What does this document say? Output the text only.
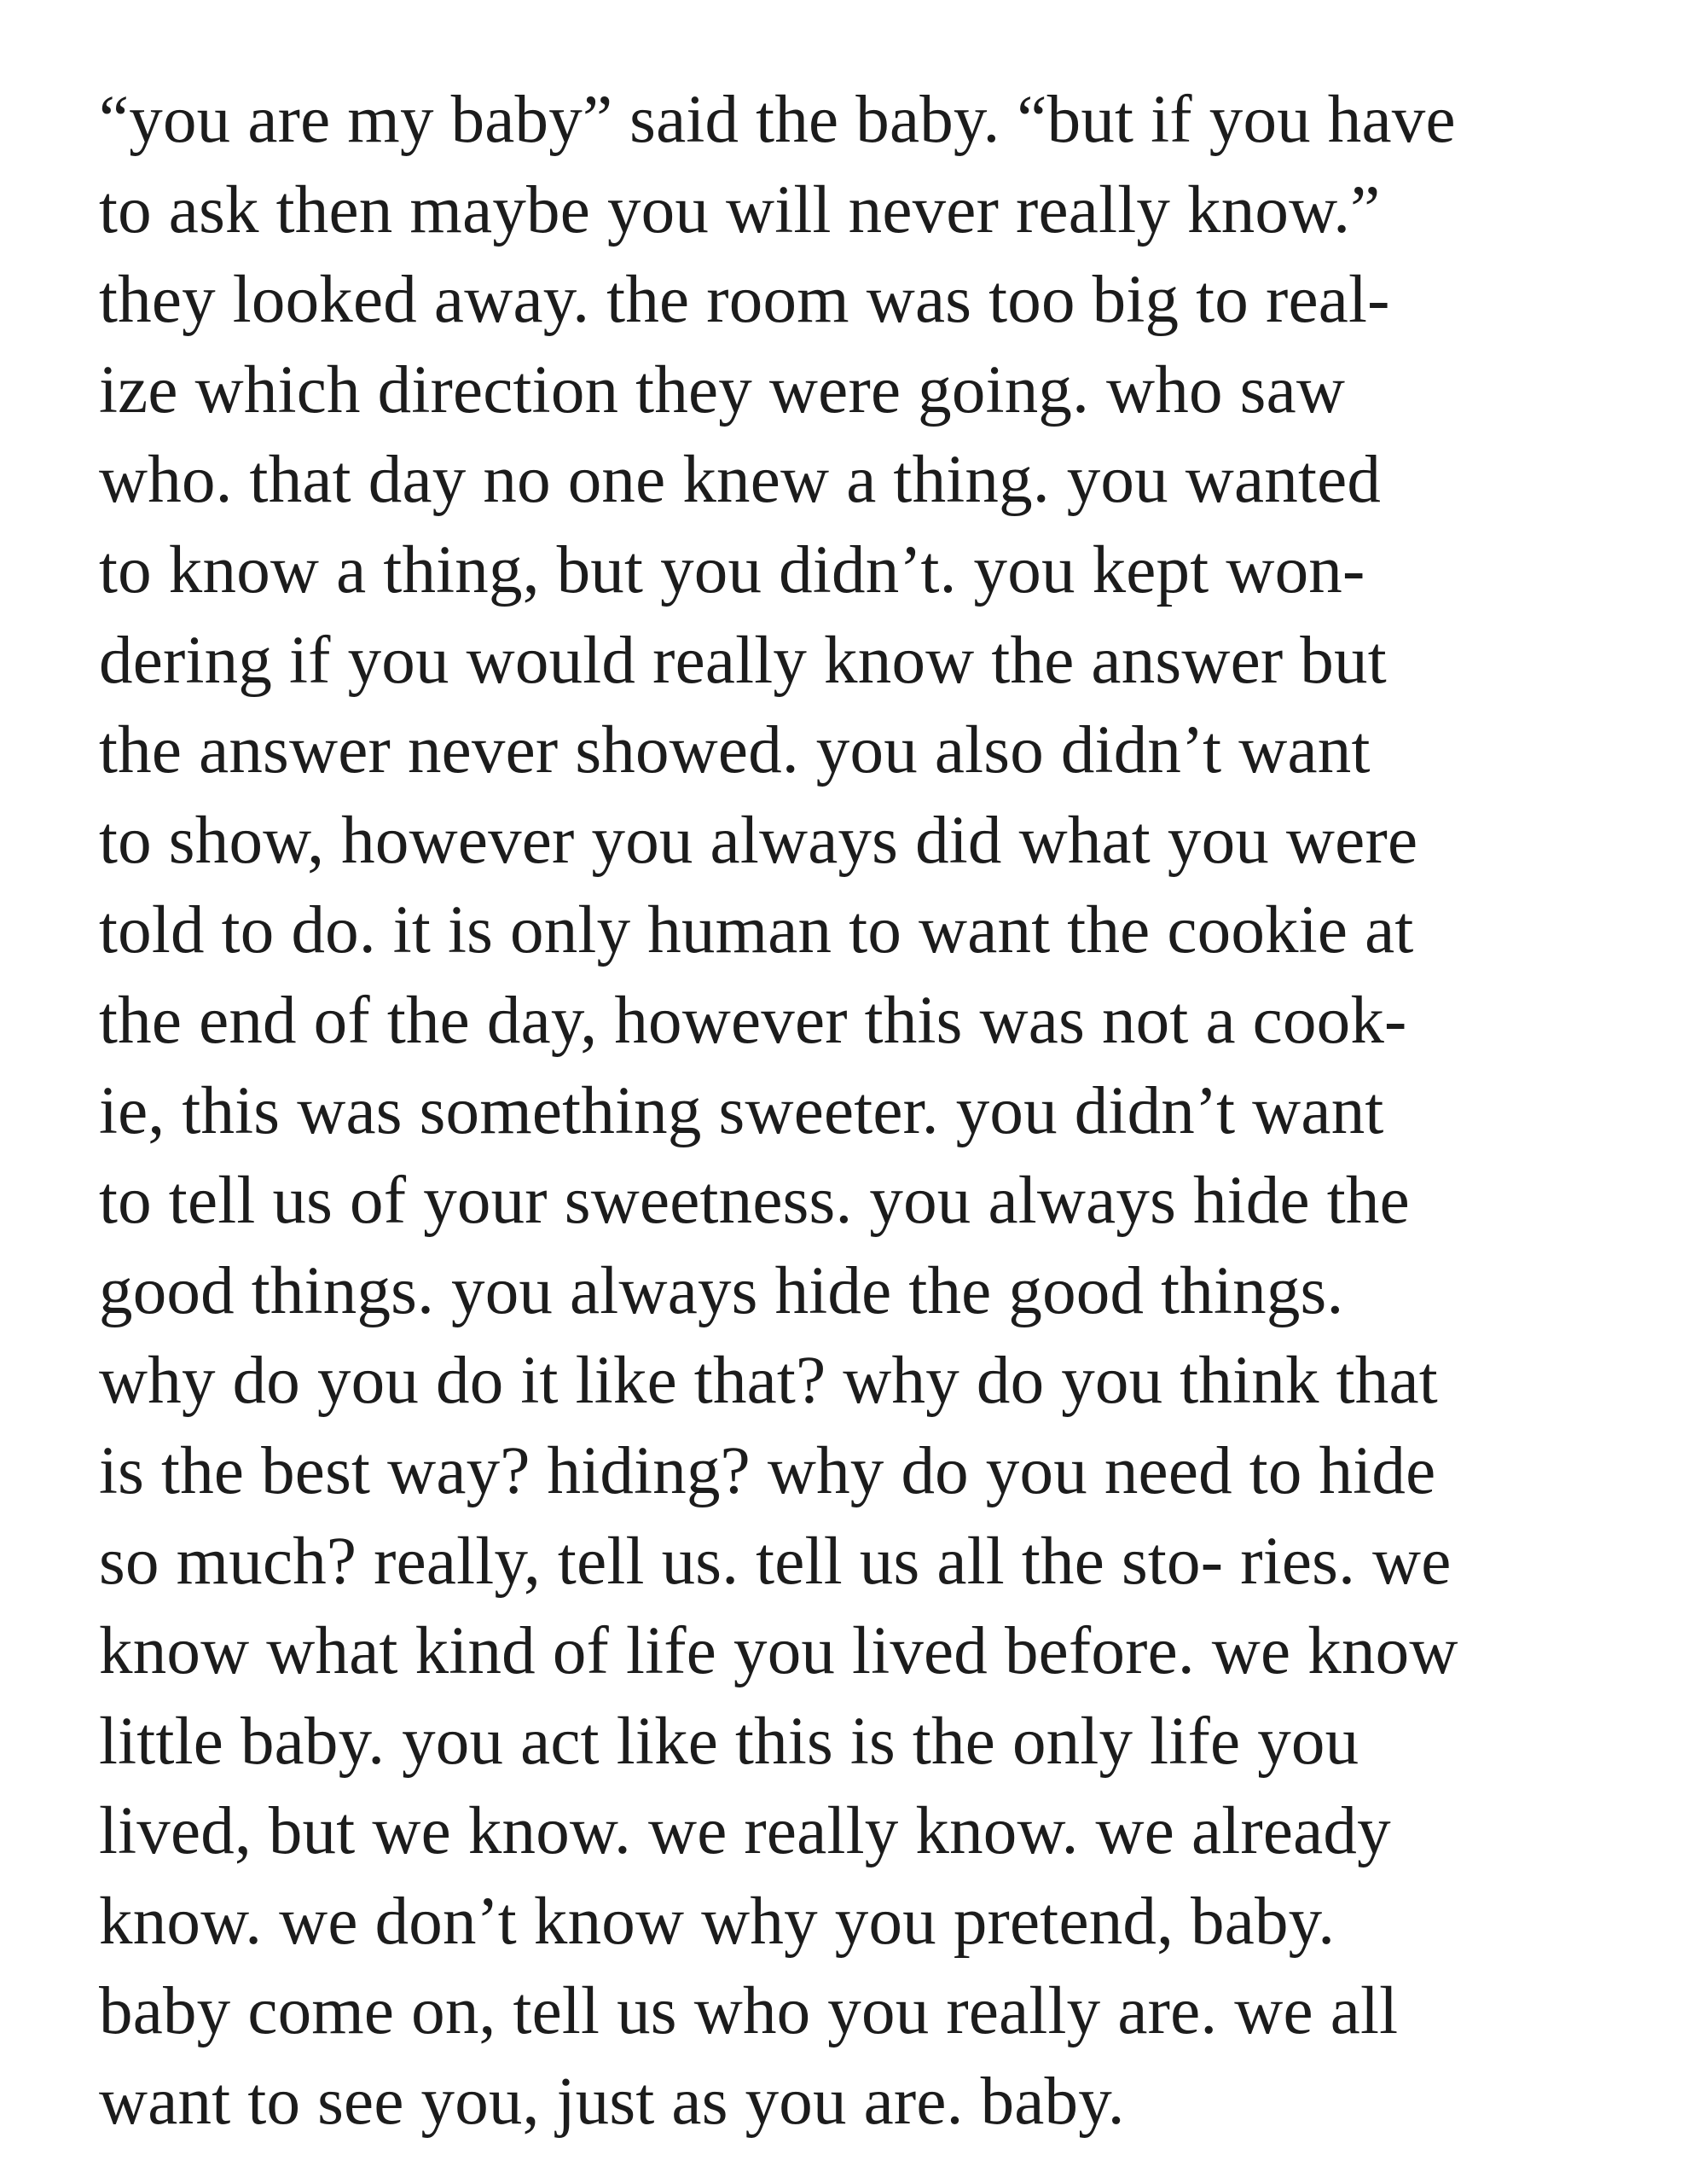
“you are my baby” said the baby. “but if you have
to ask then maybe you will never really know.”
they looked away. the room was too big to real-
ize which direction they were going. who saw
who. that day no one knew a thing. you wanted
to know a thing, but you didn’t. you kept won-
dering if you would really know the answer but
the answer never showed. you also didn’t want
to show, however you always did what you were
told to do. it is only human to want the cookie at
the end of the day, however this was not a cook-
ie, this was something sweeter. you didn’t want
to tell us of your sweetness. you always hide the
good things. you always hide the good things.
why do you do it like that? why do you think that
is the best way? hiding? why do you need to hide
so much? really, tell us. tell us all the sto- ries. we
know what kind of life you lived before. we know
little baby. you act like this is the only life you
lived, but we know. we really know. we already
know. we don’t know why you pretend, baby.
baby come on, tell us who you really are. we all
want to see you, just as you are. baby.
